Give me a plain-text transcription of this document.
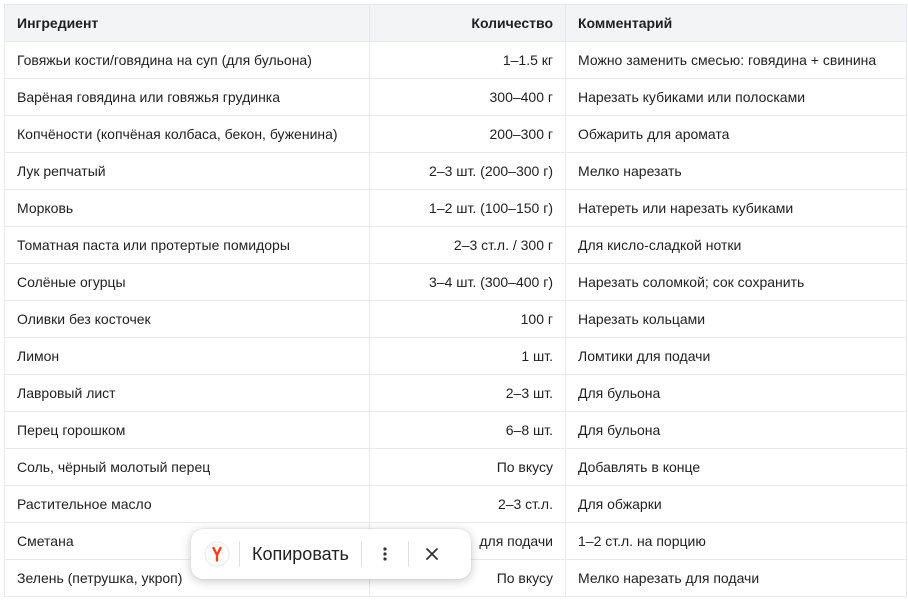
Ингредиент	Количество	Комментарий
Говяжьи кости/говядина на суп (для бульона)	1–1.5 кг	Можно заменить смесью: говядина + свинина
Варёная говядина или говяжья грудинка	300–400 г	Нарезать кубиками или полосками
Копчёности (копчёная колбаса, бекон, буженина)	200–300 г	Обжарить для аромата
Лук репчатый	2–3 шт. (200–300 г)	Мелко нарезать
Морковь	1–2 шт. (100–150 г)	Натереть или нарезать кубиками
Томатная паста или протертые помидоры	2–3 ст.л. / 300 г	Для кисло-сладкой нотки
Солёные огурцы	3–4 шт. (300–400 г)	Нарезать соломкой; сок сохранить
Оливки без косточек	100 г	Нарезать кольцами
Лимон	1 шт.	Ломтики для подачи
Лавровый лист	2–3 шт.	Для бульона
Перец горошком	6–8 шт.	Для бульона
Соль, чёрный молотый перец	По вкусу	Добавлять в конце
Растительное масло	2–3 ст.л.	Для обжарки
Сметана	для подачи	1–2 ст.л. на порцию
Зелень (петрушка, укроп)	По вкусу	Мелко нарезать для подачи
Копировать
